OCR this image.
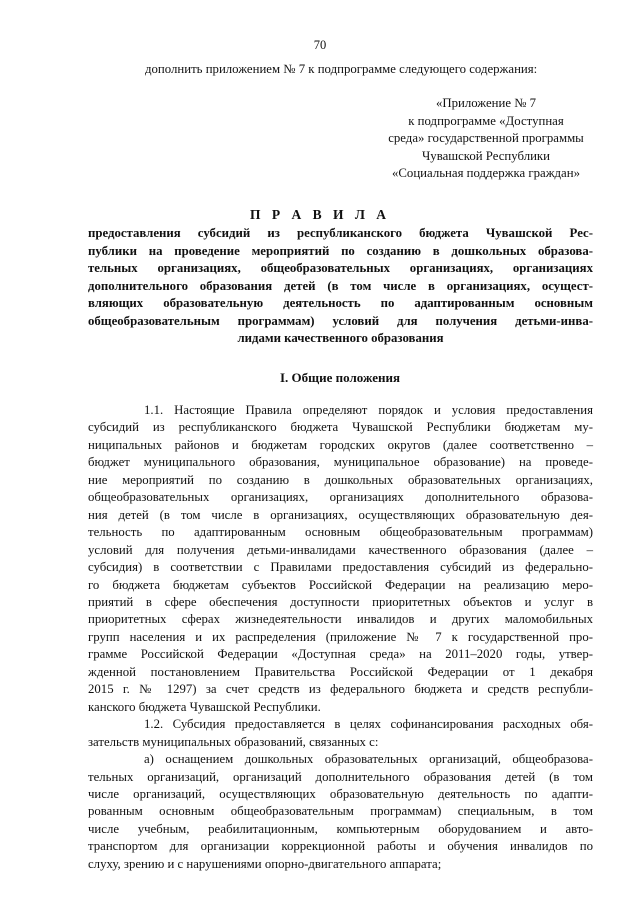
70
дополнить приложением № 7 к подпрограмме следующего содержания:
«Приложение № 7
к подпрограмме «Доступная
среда» государственной программы
Чувашской Республики
«Социальная поддержка граждан»
П Р А В И Л А
предоставления субсидий из республиканского бюджета Чувашской Рес-
публики на проведение мероприятий по созданию в дошкольных образова-
тельных организациях, общеобразовательных организациях, организациях
дополнительного образования детей (в том числе в организациях, осущест-
вляющих образовательную деятельность по адаптированным основным
общеобразовательным программам) условий для получения детьми-инва-
лидами качественного образования
I. Общие положения
1.1. Настоящие Правила определяют порядок и условия предоставления
субсидий из республиканского бюджета Чувашской Республики бюджетам му-
ниципальных районов и бюджетам городских округов (далее соответственно –
бюджет муниципального образования, муниципальное образование) на проведе-
ние мероприятий по созданию в дошкольных образовательных организациях,
общеобразовательных организациях, организациях дополнительного образова-
ния детей (в том числе в организациях, осуществляющих образовательную дея-
тельность по адаптированным основным общеобразовательным программам)
условий для получения детьми-инвалидами качественного образования (далее –
субсидия) в соответствии с Правилами предоставления субсидий из федерально-
го бюджета бюджетам субъектов Российской Федерации на реализацию меро-
приятий в сфере обеспечения доступности приоритетных объектов и услуг в
приоритетных сферах жизнедеятельности инвалидов и других маломобильных
групп населения и их распределения (приложение № 7 к государственной про-
грамме Российской Федерации «Доступная среда» на 2011–2020 годы, утвер-
жденной постановлением Правительства Российской Федерации от 1 декабря
2015 г. № 1297) за счет средств из федерального бюджета и средств республи-
канского бюджета Чувашской Республики.
1.2. Субсидия предоставляется в целях софинансирования расходных обя-
зательств муниципальных образований, связанных с:
а) оснащением дошкольных образовательных организаций, общеобразова-
тельных организаций, организаций дополнительного образования детей (в том
числе организаций, осуществляющих образовательную деятельность по адапти-
рованным основным общеобразовательным программам) специальным, в том
числе учебным, реабилитационным, компьютерным оборудованием и авто-
транспортом для организации коррекционной работы и обучения инвалидов по
слуху, зрению и с нарушениями опорно-двигательного аппарата;
